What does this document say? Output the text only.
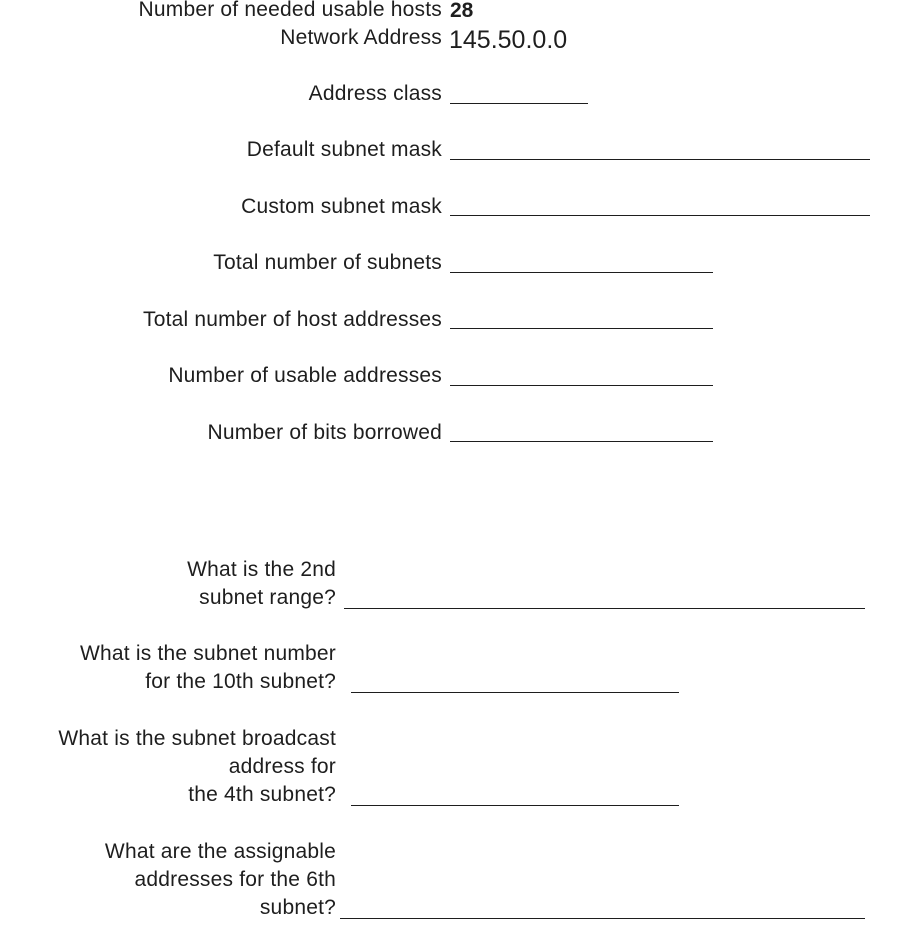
Number of needed usable hosts 28
Network Address 145.50.0.0
Address class
Default subnet mask
Custom subnet mask
Total number of subnets
Total number of host addresses
Number of usable addresses
Number of bits borrowed
What is the 2nd
subnet range?
What is the subnet number
for the 10th subnet?
What is the subnet broadcast
address for
the 4th subnet?
What are the assignable
addresses for the 6th
subnet?
